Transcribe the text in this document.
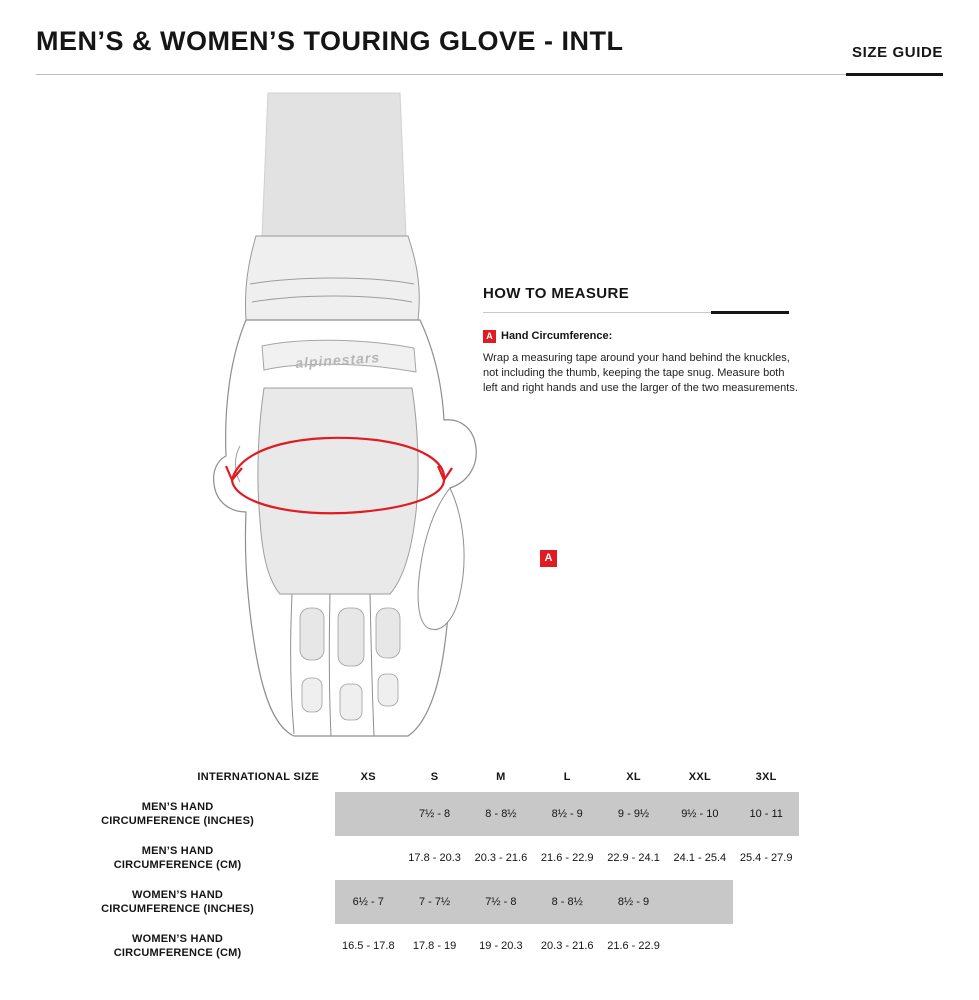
MEN’S & WOMEN’S TOURING GLOVE - INTL	SIZE GUIDE
alpinestars
A
HOW TO MEASURE
A Hand Circumference:
Wrap a measuring tape around your hand behind the knuckles, not including the thumb, keeping the tape snug. Measure both left and right hands and use the larger of the two measurements.
INTERNATIONAL SIZE	XS	S	M	L	XL	XXL	3XL	

MEN’S HAND
CIRCUMFERENCE (INCHES)		7½ - 8	8 - 8½	8½ - 9	9 - 9½	9½ - 10	10 - 11	

MEN’S HAND
CIRCUMFERENCE (CM)		17.8 - 20.3	20.3 - 21.6	21.6 - 22.9	22.9 - 24.1	24.1 - 25.4	25.4 - 27.9	

WOMEN’S HAND
CIRCUMFERENCE (INCHES)	6½ - 7	7 - 7½	7½ - 8	8 - 8½	8½ - 9			

WOMEN’S HAND
CIRCUMFERENCE (CM)	16.5 - 17.8	17.8 - 19	19 - 20.3	20.3 - 21.6	21.6 - 22.9			
